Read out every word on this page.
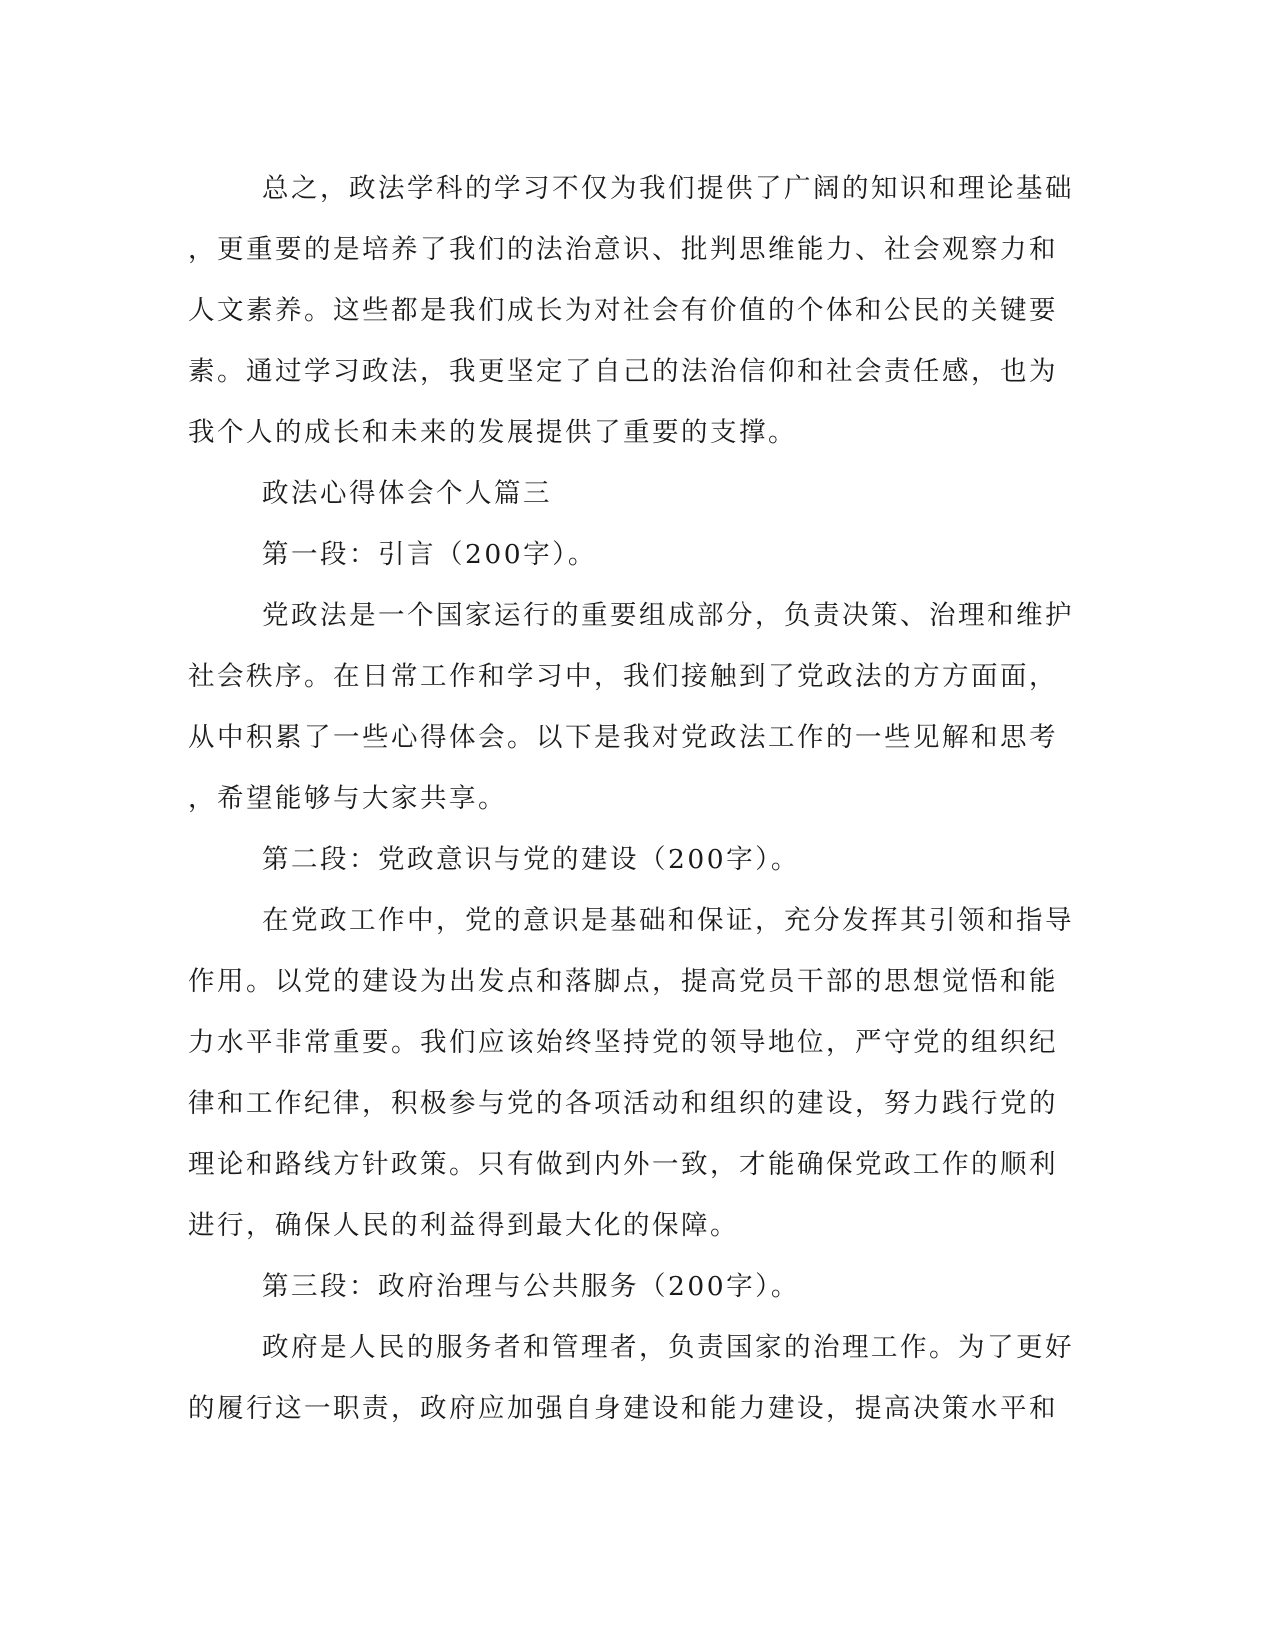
总之，政法学科的学习不仅为我们提供了广阔的知识和理论基础
，更重要的是培养了我们的法治意识、批判思维能力、社会观察力和
人文素养。这些都是我们成长为对社会有价值的个体和公民的关键要
素。通过学习政法，我更坚定了自己的法治信仰和社会责任感，也为
我个人的成长和未来的发展提供了重要的支撑。
政法心得体会个人篇三
第一段：引言（200字）。
党政法是一个国家运行的重要组成部分，负责决策、治理和维护
社会秩序。在日常工作和学习中，我们接触到了党政法的方方面面，
从中积累了一些心得体会。以下是我对党政法工作的一些见解和思考
，希望能够与大家共享。
第二段：党政意识与党的建设（200字）。
在党政工作中，党的意识是基础和保证，充分发挥其引领和指导
作用。以党的建设为出发点和落脚点，提高党员干部的思想觉悟和能
力水平非常重要。我们应该始终坚持党的领导地位，严守党的组织纪
律和工作纪律，积极参与党的各项活动和组织的建设，努力践行党的
理论和路线方针政策。只有做到内外一致，才能确保党政工作的顺利
进行，确保人民的利益得到最大化的保障。
第三段：政府治理与公共服务（200字）。
政府是人民的服务者和管理者，负责国家的治理工作。为了更好
的履行这一职责，政府应加强自身建设和能力建设，提高决策水平和
